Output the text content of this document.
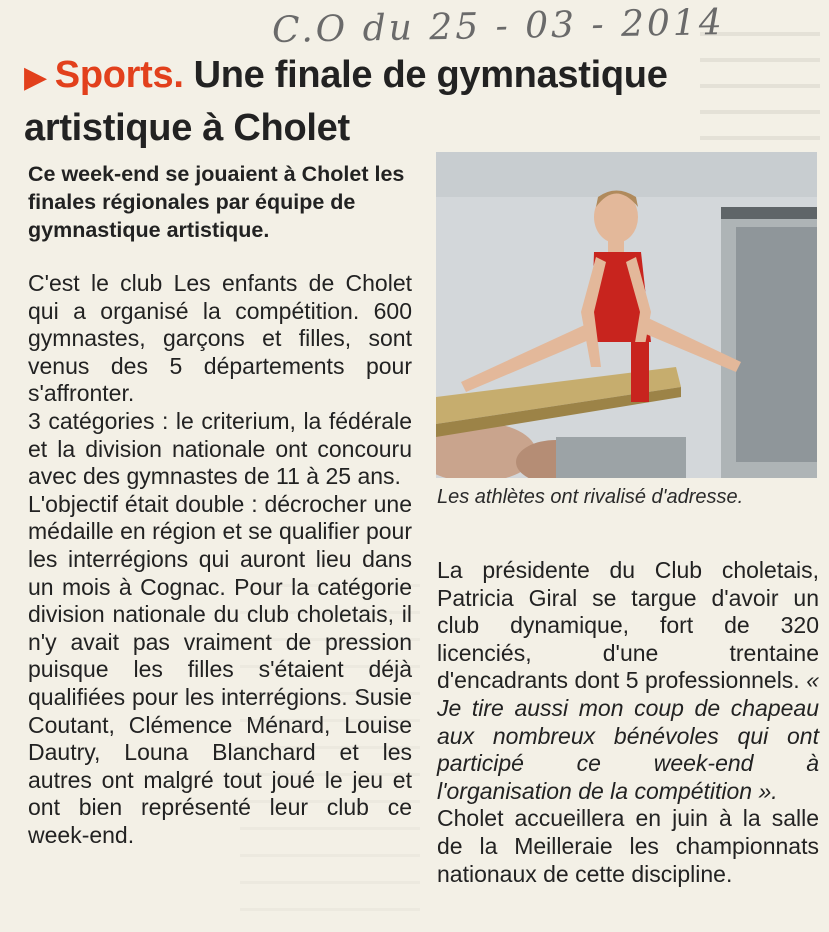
C.O du 25 - 03 - 2014
▶ Sports. Une finale de gymnastique artistique à Cholet
Ce week-end se jouaient à Cholet les finales régionales par équipe de gymnastique artistique.

C'est le club Les enfants de Cholet qui a organisé la compétition. 600 gymnastes, garçons et filles, sont venus des 5 départements pour s'affronter.

3 catégories : le criterium, la fédérale et la division nationale ont concouru avec des gymnastes de 11 à 25 ans.

L'objectif était double : décrocher une médaille en région et se qualifier pour les interrégions qui auront lieu dans un mois à Cognac. Pour la catégorie division nationale du club choletais, il n'y avait pas vraiment de pression puisque les filles s'étaient déjà qualifiées pour les interrégions. Susie Coutant, Clémence Ménard, Louise Dautry, Louna Blanchard et les autres ont malgré tout joué le jeu et ont bien représenté leur club ce week-end.

Les athlètes ont rivalisé d'adresse.

La présidente du Club choletais, Patricia Giral se targue d'avoir un club dynamique, fort de 320 licenciés, d'une trentaine d'encadrants dont 5 professionnels. « Je tire aussi mon coup de chapeau aux nombreux bénévoles qui ont participé ce week-end à l'organisation de la compétition ».

Cholet accueillera en juin à la salle de la Meilleraie les championnats nationaux de cette discipline.
